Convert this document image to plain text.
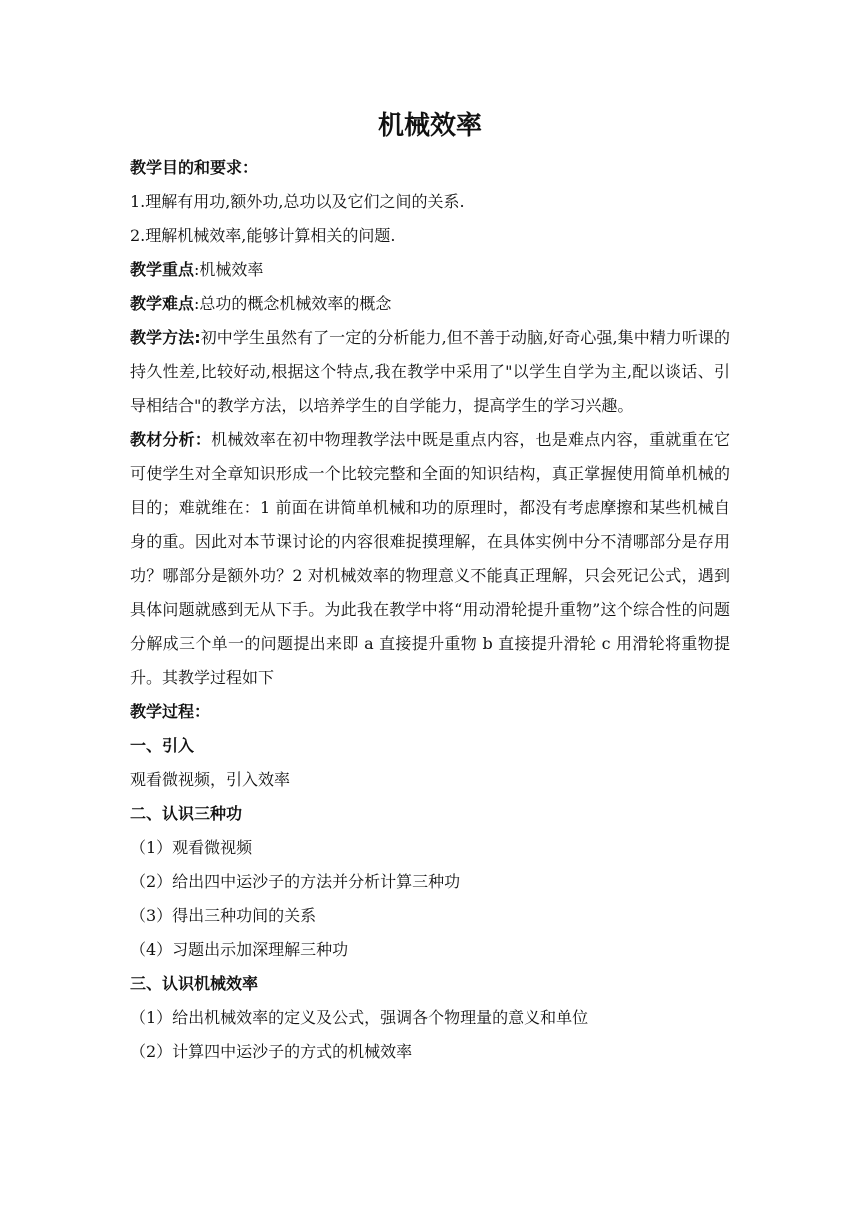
机械效率

教学目的和要求：

1.理解有用功,额外功,总功以及它们之间的关系.

2.理解机械效率,能够计算相关的问题.

教学重点:机械效率

教学难点:总功的概念机械效率的概念

教学方法:初中学生虽然有了一定的分析能力,但不善于动脑,好奇心强,集中精力听课的持久性差,比较好动,根据这个特点,我在教学中采用了"以学生自学为主,配以谈话、引导相结合"的教学方法，以培养学生的自学能力，提高学生的学习兴趣。

教材分析：机械效率在初中物理教学法中既是重点内容，也是难点内容，重就重在它可使学生对全章知识形成一个比较完整和全面的知识结构，真正掌握使用简单机械的目的；难就维在：1 前面在讲简单机械和功的原理时，都没有考虑摩擦和某些机械自身的重。因此对本节课讨论的内容很难捉摸理解，在具体实例中分不清哪部分是存用功？哪部分是额外功？2 对机械效率的物理意义不能真正理解，只会死记公式，遇到具体问题就感到无从下手。为此我在教学中将“用动滑轮提升重物”这个综合性的问题分解成三个单一的问题提出来即 a 直接提升重物 b 直接提升滑轮 c 用滑轮将重物提升。其教学过程如下

教学过程：

一、引入

观看微视频，引入效率

二、认识三种功

（1）观看微视频

（2）给出四中运沙子的方法并分析计算三种功

（3）得出三种功间的关系

（4）习题出示加深理解三种功

三、认识机械效率

（1）给出机械效率的定义及公式，强调各个物理量的意义和单位

（2）计算四中运沙子的方式的机械效率
